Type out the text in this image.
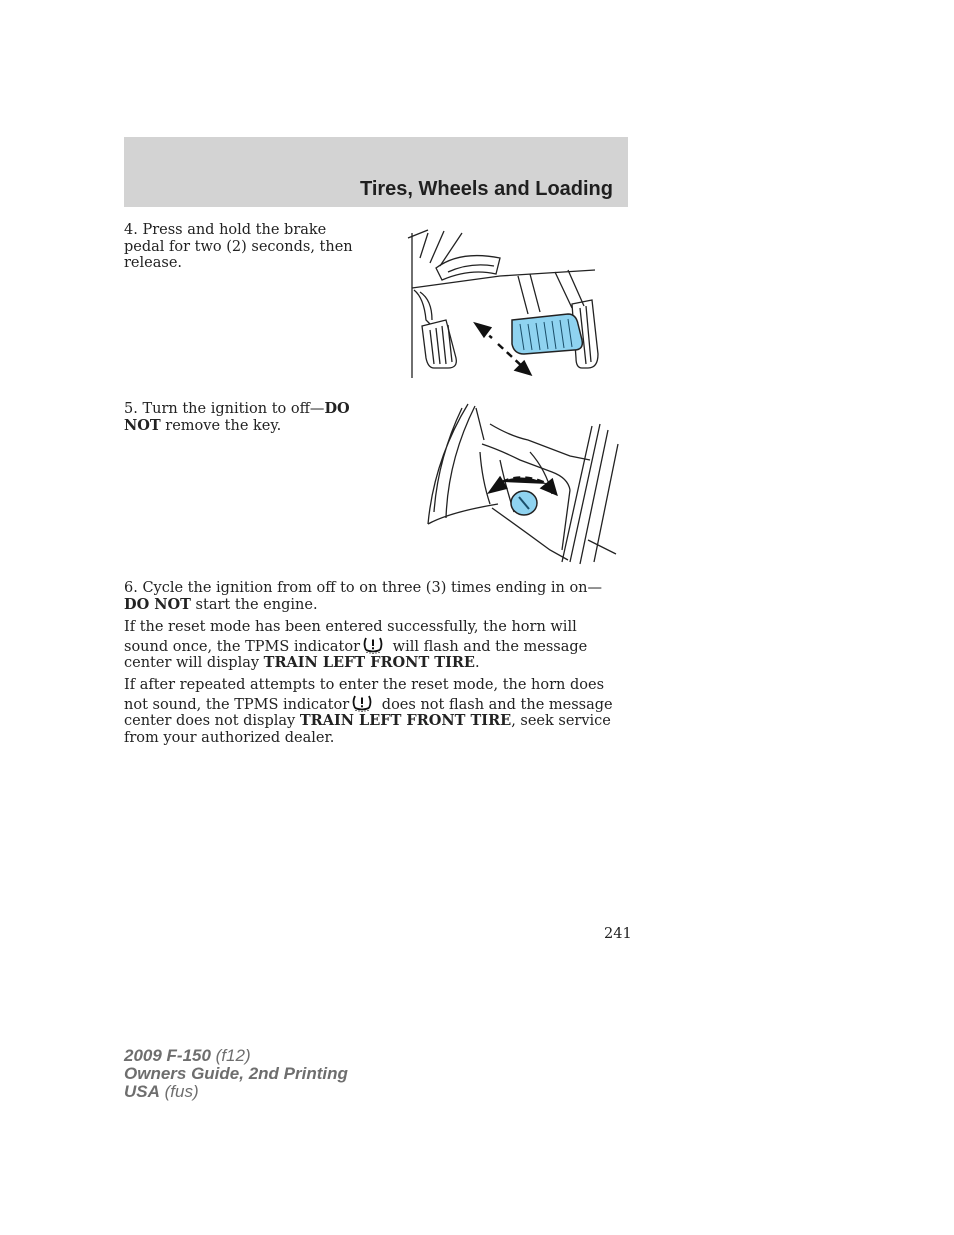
Tires, Wheels and Loading

4. Press and hold the brake pedal for two (2) seconds, then release.

5. Turn the ignition to off—DO NOT remove the key.

6. Cycle the ignition from off to on three (3) times ending in on—DO NOT start the engine.

If the reset mode has been entered successfully, the horn will sound once, the TPMS indicator will flash and the message center will display TRAIN LEFT FRONT TIRE.

If after repeated attempts to enter the reset mode, the horn does not sound, the TPMS indicator does not flash and the message center does not display TRAIN LEFT FRONT TIRE, seek service from your authorized dealer.

241
2009 F-150 (f12)
Owners Guide, 2nd Printing
USA (fus)
